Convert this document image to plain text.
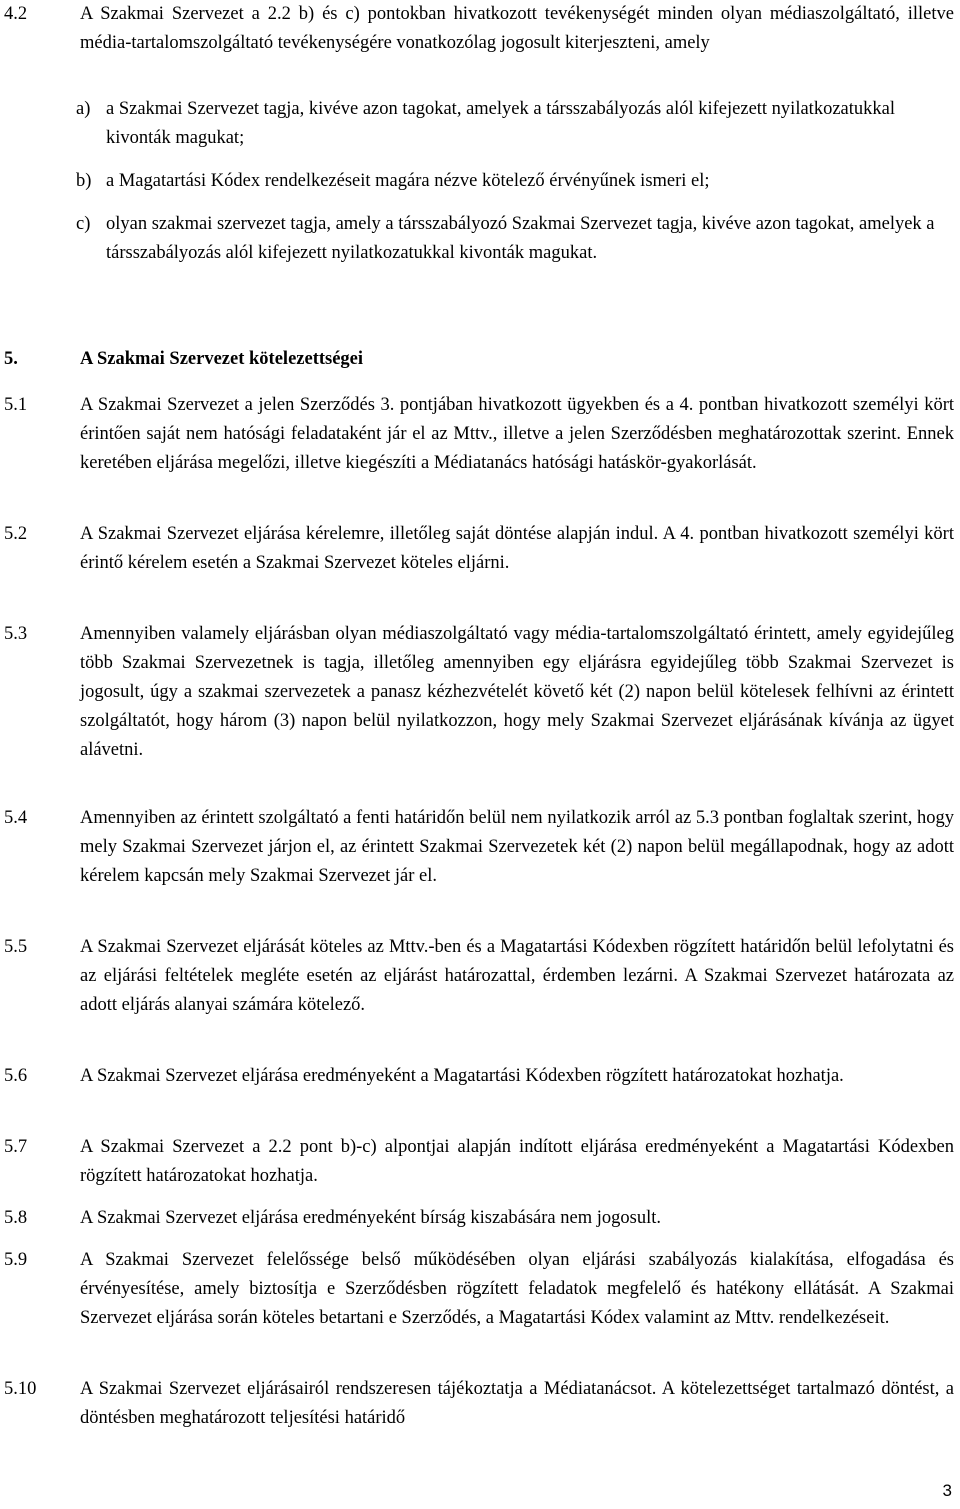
4.2	A Szakmai Szervezet a 2.2 b) és c) pontokban hivatkozott tevékenységét minden olyan médiaszolgáltató, illetve média-tartalomszolgáltató tevékenységére vonatkozólag jogosult kiterjeszteni, amely
a) a Szakmai Szervezet tagja, kivéve azon tagokat, amelyek a társszabályozás alól kifejezett nyilatkozatukkal kivonták magukat;
b) a Magatartási Kódex rendelkezéseit magára nézve kötelező érvényűnek ismeri el;
c) olyan szakmai szervezet tagja, amely a társszabályozó Szakmai Szervezet tagja, kivéve azon tagokat, amelyek a társszabályozás alól kifejezett nyilatkozatukkal kivonták magukat.
5.	A Szakmai Szervezet kötelezettségei
5.1	A Szakmai Szervezet a jelen Szerződés 3. pontjában hivatkozott ügyekben és a 4. pontban hivatkozott személyi kört érintően saját nem hatósági feladataként jár el az Mttv., illetve a jelen Szerződésben meghatározottak szerint. Ennek keretében eljárása megelőzi, illetve kiegészíti a Médiatanács hatósági hatáskör-gyakorlását.
5.2	A Szakmai Szervezet eljárása kérelemre, illetőleg saját döntése alapján indul. A 4. pontban hivatkozott személyi kört érintő kérelem esetén a Szakmai Szervezet köteles eljárni.
5.3	Amennyiben valamely eljárásban olyan médiaszolgáltató vagy média-tartalomszolgáltató érintett, amely egyidejűleg több Szakmai Szervezetnek is tagja, illetőleg amennyiben egy eljárásra egyidejűleg több Szakmai Szervezet is jogosult, úgy a szakmai szervezetek a panasz kézhezvételét követő két (2) napon belül kötelesek felhívni az érintett szolgáltatót, hogy három (3) napon belül nyilatkozzon, hogy mely Szakmai Szervezet eljárásának kívánja az ügyet alávetni.
5.4	Amennyiben az érintett szolgáltató a fenti határidőn belül nem nyilatkozik arról az 5.3 pontban foglaltak szerint, hogy mely Szakmai Szervezet járjon el, az érintett Szakmai Szervezetek két (2) napon belül megállapodnak, hogy az adott kérelem kapcsán mely Szakmai Szervezet jár el.
5.5	A Szakmai Szervezet eljárását köteles az Mttv.-ben és a Magatartási Kódexben rögzített határidőn belül lefolytatni és az eljárási feltételek megléte esetén az eljárást határozattal, érdemben lezárni. A Szakmai Szervezet határozata az adott eljárás alanyai számára kötelező.
5.6	A Szakmai Szervezet eljárása eredményeként a Magatartási Kódexben rögzített határozatokat hozhatja.
5.7	A Szakmai Szervezet a 2.2 pont b)-c) alpontjai alapján indított eljárása eredményeként a Magatartási Kódexben rögzített határozatokat hozhatja.
5.8	A Szakmai Szervezet eljárása eredményeként bírság kiszabására nem jogosult.
5.9	A Szakmai Szervezet felelőssége belső működésében olyan eljárási szabályozás kialakítása, elfogadása és érvényesítése, amely biztosítja e Szerződésben rögzített feladatok megfelelő és hatékony ellátását. A Szakmai Szervezet eljárása során köteles betartani e Szerződés, a Magatartási Kódex valamint az Mttv. rendelkezéseit.
5.10 A Szakmai Szervezet eljárásairól rendszeresen tájékoztatja a Médiatanácsot. A kötelezettséget tartalmazó döntést, a döntésben meghatározott teljesítési határidő
3
